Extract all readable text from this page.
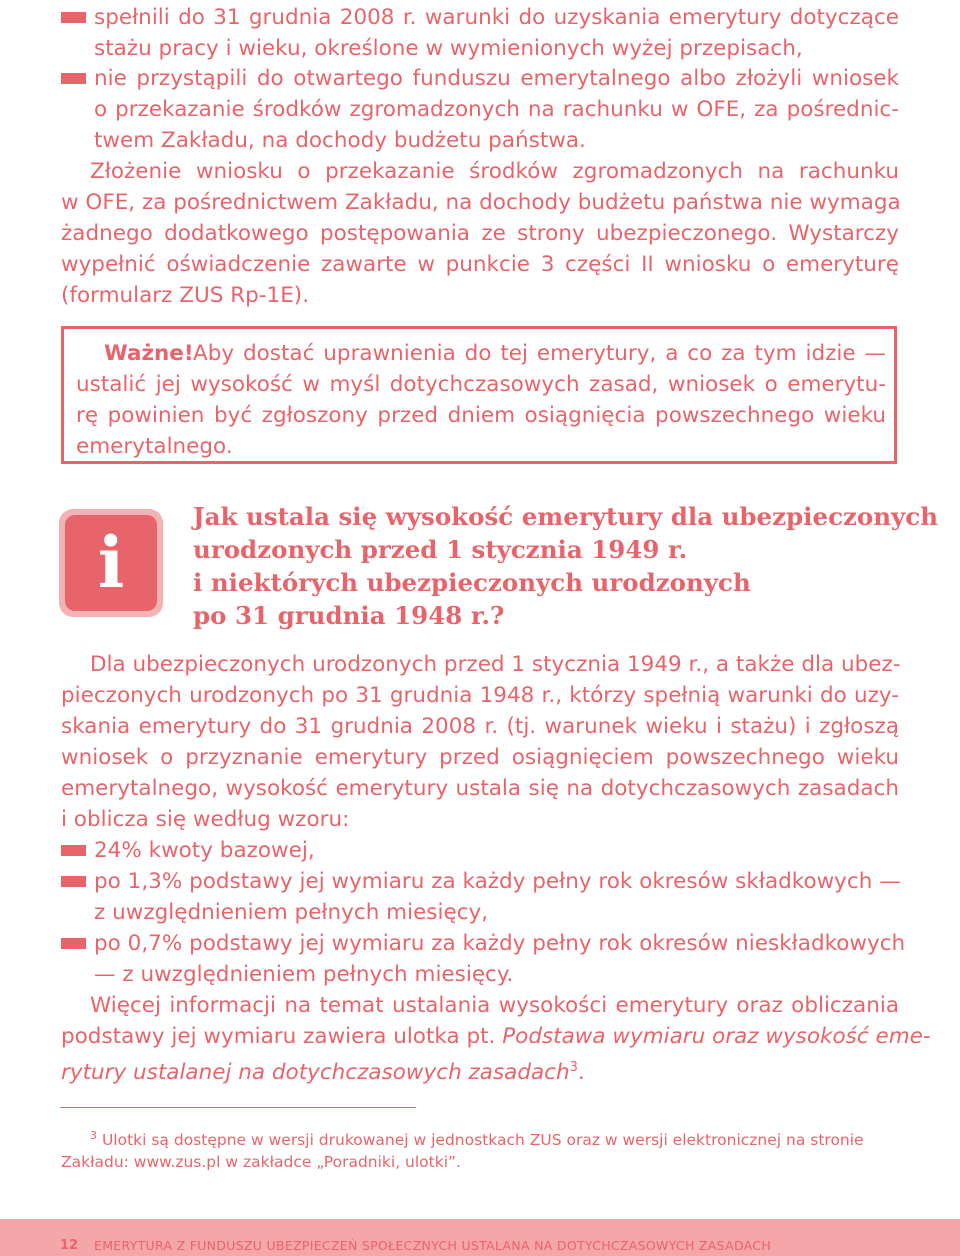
spełnili do 31 grudnia 2008 r. warunki do uzyskania emerytury dotyczące
stażu pracy i wieku, określone w wymienionych wyżej przepisach,
nie przystąpili do otwartego funduszu emerytalnego albo złożyli wniosek
o przekazanie środków zgromadzonych na rachunku w OFE, za pośrednic-
twem Zakładu, na dochody budżetu państwa.
Złożenie wniosku o przekazanie środków zgromadzonych na rachunku
w OFE, za pośrednictwem Zakładu, na dochody budżetu państwa nie wymaga
żadnego dodatkowego postępowania ze strony ubezpieczonego. Wystarczy
wypełnić oświadczenie zawarte w punkcie 3 części II wniosku o emeryturę
(formularz ZUS Rp-1E).
Ważne! Aby dostać uprawnienia do tej emerytury, a co za tym idzie —
ustalić jej wysokość w myśl dotychczasowych zasad, wniosek o emerytu-
rę powinien być zgłoszony przed dniem osiągnięcia powszechnego wieku
emerytalnego.
i
Jak ustala się wysokość emerytury dla ubezpieczonych
urodzonych przed 1 stycznia 1949 r.
i niektórych ubezpieczonych urodzonych
po 31 grudnia 1948 r.?
Dla ubezpieczonych urodzonych przed 1 stycznia 1949 r., a także dla ubez-
pieczonych urodzonych po 31 grudnia 1948 r., którzy spełnią warunki do uzy-
skania emerytury do 31 grudnia 2008 r. (tj. warunek wieku i stażu) i zgłoszą
wniosek o przyznanie emerytury przed osiągnięciem powszechnego wieku
emerytalnego, wysokość emerytury ustala się na dotychczasowych zasadach
i oblicza się według wzoru:
24% kwoty bazowej,
po 1,3% podstawy jej wymiaru za każdy pełny rok okresów składkowych —
z uwzględnieniem pełnych miesięcy,
po 0,7% podstawy jej wymiaru za każdy pełny rok okresów nieskładkowych
— z uwzględnieniem pełnych miesięcy.
Więcej informacji na temat ustalania wysokości emerytury oraz obliczania
podstawy jej wymiaru zawiera ulotka pt. Podstawa wymiaru oraz wysokość eme-
rytury ustalanej na dotychczasowych zasadach$^3$.
$^3$ Ulotki są dostępne w wersji drukowanej w jednostkach ZUS oraz w wersji elektronicznej na stronie
Zakładu: www.zus.pl w zakładce „Poradniki, ulotki”.
12 EMERYTURA Z FUNDUSZU UBEZPIECZEŃ SPOŁECZNYCH USTALANA NA DOTYCHCZASOWYCH ZASADACH
